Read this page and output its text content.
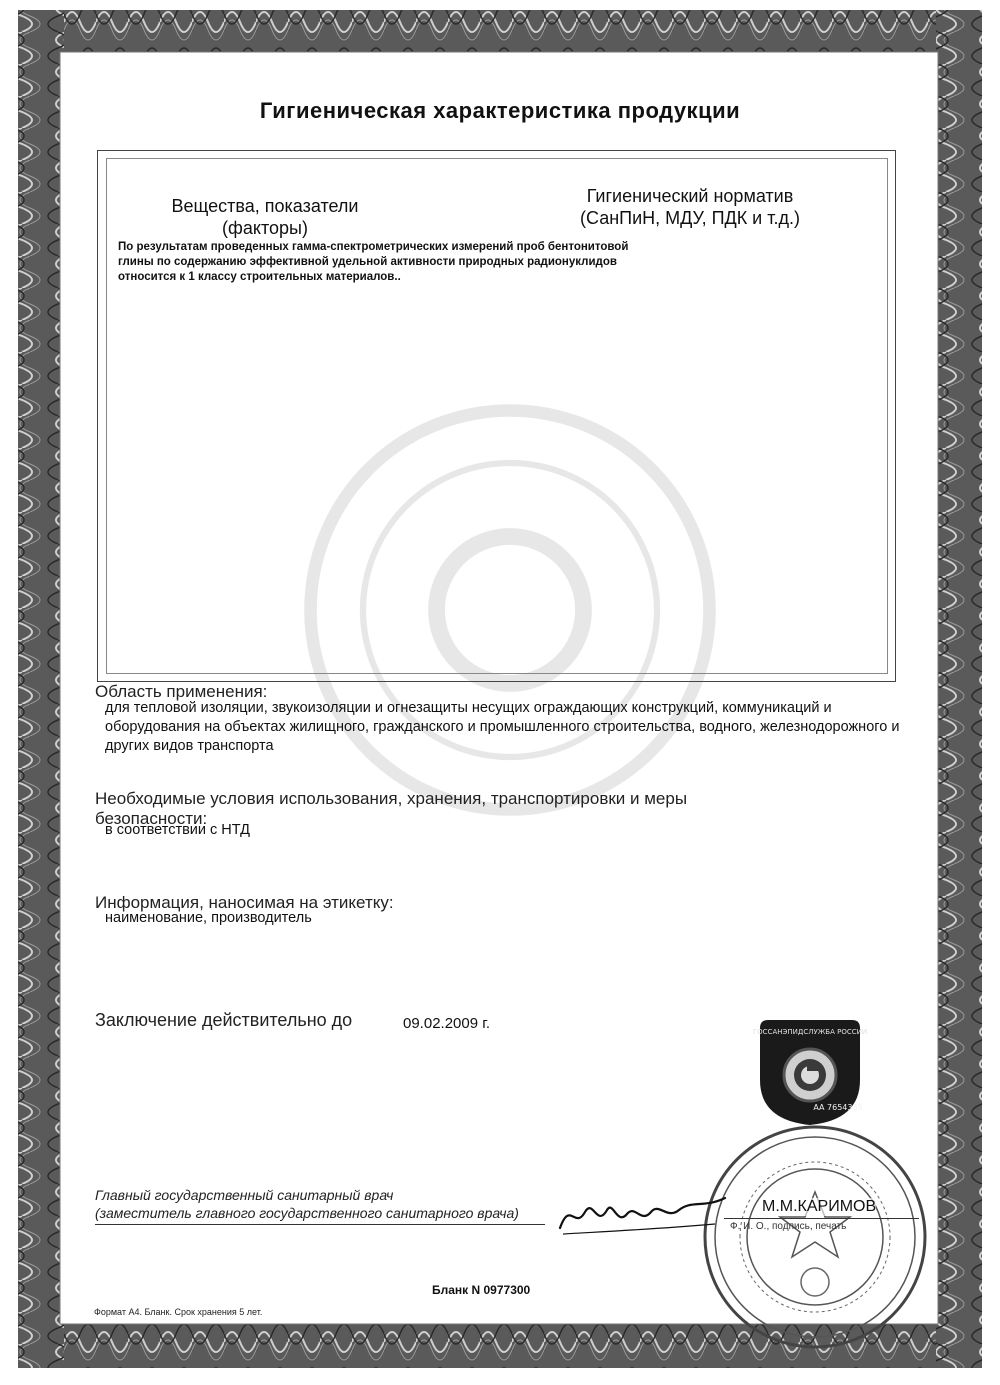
Гигиеническая характеристика продукции
Вещества, показатели (факторы)
Гигиенический норматив (СанПиН, МДУ, ПДК и т.д.)
По результатам проведенных гамма-спектрометрических измерений проб бентонитовой глины по содержанию эффективной удельной активности природных радионуклидов относится к 1 классу строительных материалов..
Область применения:
для тепловой изоляции, звукоизоляции и огнезащиты несущих ограждающих конструкций, коммуникаций и оборудования на объектах жилищного, гражданского и промышленного строительства, водного, железнодорожного и других видов транспорта
Необходимые условия использования, хранения, транспортировки и меры безопасности:
в соответствии с НТД
Информация, наносимая на этикетку:
наименование, производитель
Заключение действительно до	09.02.2009 г.	ГОССАНЭПИДСЛУЖБА РОССИИ
AA 7654335
Главный государственный санитарный врач
(заместитель главного государственного санитарного врача)	М.М.КАРИМОВ
Ф. И. О., подпись, печать
Бланк N 0977300
Формат А4. Бланк. Срок хранения 5 лет.
